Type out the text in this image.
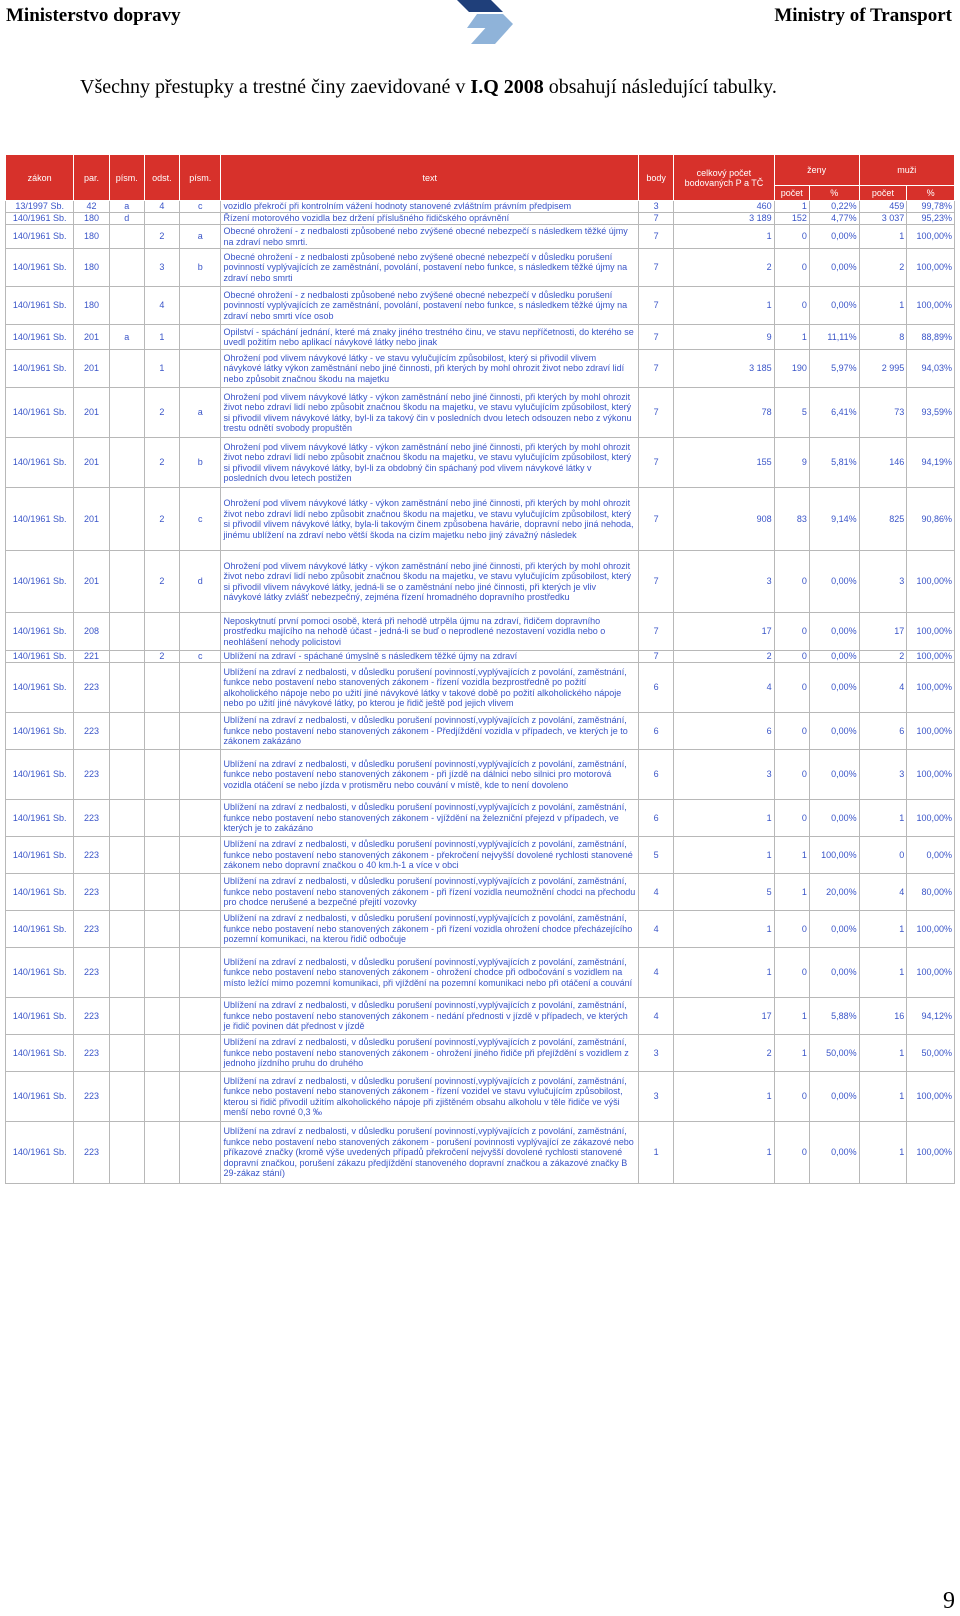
Ministerstvo dopravy	Ministry of Transport
Všechny přestupky a trestné činy zaevidované v I.Q 2008 obsahují následující tabulky.
zákon	par.	písm.	odst.	písm.	text	body	celkový počet bodovaných P a TČ	ženy		muži	
								počet	%	počet	%
13/1997 Sb.	42	a	4	c	vozidlo překročí při kontrolním vážení hodnoty stanovené zvláštním právním předpisem	3	460	1	0,22%	459	99,78%
140/1961 Sb.	180	d			Řízení motorového vozidla bez držení příslušného řidičského oprávnění	7	3 189	152	4,77%	3 037	95,23%
140/1961 Sb.	180		2	a	Obecné ohrožení - z nedbalosti způsobené nebo zvýšené obecné nebezpečí s následkem těžké újmy na zdraví nebo smrti.	7	1	0	0,00%	1	100,00%
140/1961 Sb.	180		3	b	Obecné ohrožení - z nedbalosti způsobené nebo zvýšené obecné nebezpečí v důsledku porušení povinností vyplývajících ze zaměstnání, povolání, postavení nebo funkce, s následkem těžké újmy na zdraví nebo smrti	7	2	0	0,00%	2	100,00%
140/1961 Sb.	180		4		Obecné ohrožení - z nedbalosti způsobené nebo zvýšené obecné nebezpečí v důsledku porušení povinností vyplývajících ze zaměstnání, povolání, postavení nebo funkce, s následkem těžké újmy na zdraví nebo smrti více osob	7	1	0	0,00%	1	100,00%
140/1961 Sb.	201	a	1		Opilství - spáchání jednání, které má znaky jiného trestného činu, ve stavu nepříčetnosti, do kterého se uvedl požitím nebo aplikací návykové látky nebo jinak	7	9	1	11,11%	8	88,89%
140/1961 Sb.	201		1		Ohrožení pod vlivem návykové látky - ve stavu vylučujícím způsobilost, který si přivodil vlivem návykové látky výkon zaměstnání nebo jiné činnosti, při kterých by mohl ohrozit život nebo zdraví lidí nebo způsobit značnou škodu na majetku	7	3 185	190	5,97%	2 995	94,03%
140/1961 Sb.	201		2	a	Ohrožení pod vlivem návykové látky - výkon zaměstnání nebo jiné činnosti, při kterých by mohl ohrozit život nebo zdraví lidí nebo způsobit značnou škodu na majetku, ve stavu vylučujícím způsobilost, který si přivodil vlivem návykové látky, byl-li za takový čin v posledních dvou letech odsouzen nebo z výkonu trestu odnětí svobody propuštěn	7	78	5	6,41%	73	93,59%
140/1961 Sb.	201		2	b	Ohrožení pod vlivem návykové látky - výkon zaměstnání nebo jiné činnosti, při kterých by mohl ohrozit život nebo zdraví lidí nebo způsobit značnou škodu na majetku, ve stavu vylučujícím způsobilost, který si přivodil vlivem návykové látky, byl-li za obdobný čin spáchaný pod vlivem návykové látky v posledních dvou letech postižen	7	155	9	5,81%	146	94,19%
140/1961 Sb.	201		2	c	Ohrožení pod vlivem návykové látky - výkon zaměstnání nebo jiné činnosti, při kterých by mohl ohrozit život nebo zdraví lidí nebo způsobit značnou škodu na majetku, ve stavu vylučujícím způsobilost, který si přivodil vlivem návykové látky, byla-li takovým činem způsobena havárie, dopravní nebo jiná nehoda, jinému ublížení na zdraví nebo větší škoda na cizím majetku nebo jiný závažný následek	7	908	83	9,14%	825	90,86%
140/1961 Sb.	201		2	d	Ohrožení pod vlivem návykové látky - výkon zaměstnání nebo jiné činnosti, při kterých by mohl ohrozit život nebo zdraví lidí nebo způsobit značnou škodu na majetku, ve stavu vylučujícím způsobilost, který si přivodil vlivem návykové látky, jedná-li se o zaměstnání nebo jiné činnosti, při kterých je vliv návykové látky zvlášť nebezpečný, zejména řízení hromadného dopravního prostředku	7	3	0	0,00%	3	100,00%
140/1961 Sb.	208				Neposkytnutí první pomoci osobě, která při nehodě utrpěla újmu na zdraví, řidičem dopravního prostředku majícího na nehodě účast - jedná-li se buď o neprodlené nezostavení vozidla nebo o neohlášení nehody policistovi	7	17	0	0,00%	17	100,00%
140/1961 Sb.	221		2	c	Ublížení na zdraví - spáchané úmyslně s následkem těžké újmy na zdraví	7	2	0	0,00%	2	100,00%
140/1961 Sb.	223				Ublížení na zdraví z nedbalosti, v důsledku porušení povinností,vyplývajících z povolání, zaměstnání, funkce nebo postavení nebo stanovených zákonem - řízení vozidla bezprostředně po požití alkoholického nápoje nebo po užití jiné návykové látky v takové době po požití alkoholického nápoje nebo po užití jiné návykové látky, po kterou je řidič ještě pod jejich vlivem	6	4	0	0,00%	4	100,00%
140/1961 Sb.	223				Ublížení na zdraví z nedbalosti, v důsledku porušení povinností,vyplývajících z povolání, zaměstnání, funkce nebo postavení nebo stanovených zákonem - Předjíždění vozidla v případech, ve kterých je to zákonem zakázáno	6	6	0	0,00%	6	100,00%
140/1961 Sb.	223				Ublížení na zdraví z nedbalosti, v důsledku porušení povinností,vyplývajících z povolání, zaměstnání, funkce nebo postavení nebo stanovených zákonem - při jízdě na dálnici nebo silnici pro motorová vozidla otáčení se nebo jízda v protisměru nebo couvání v místě, kde to není dovoleno	6	3	0	0,00%	3	100,00%
140/1961 Sb.	223				Ublížení na zdraví z nedbalosti, v důsledku porušení povinností,vyplývajících z povolání, zaměstnání, funkce nebo postavení nebo stanovených zákonem - vjíždění na železniční přejezd v případech, ve kterých je to zakázáno	6	1	0	0,00%	1	100,00%
140/1961 Sb.	223				Ublížení na zdraví z nedbalosti, v důsledku porušení povinností,vyplývajících z povolání, zaměstnání, funkce nebo postavení nebo stanovených zákonem - překročení nejvyšší dovolené rychlosti stanovené zákonem nebo dopravní značkou o 40 km.h-1 a více v obci	5	1	1	100,00%	0	0,00%
140/1961 Sb.	223				Ublížení na zdraví z nedbalosti, v důsledku porušení povinností,vyplývajících z povolání, zaměstnání, funkce nebo postavení nebo stanovených zákonem - při řízení vozidla neumožnění chodci na přechodu pro chodce nerušené a bezpečné přejití vozovky	4	5	1	20,00%	4	80,00%
140/1961 Sb.	223				Ublížení na zdraví z nedbalosti, v důsledku porušení povinností,vyplývajících z povolání, zaměstnání, funkce nebo postavení nebo stanovených zákonem - při řízení vozidla ohrožení chodce přecházejícího pozemní komunikaci, na kterou řidič odbočuje	4	1	0	0,00%	1	100,00%
140/1961 Sb.	223				Ublížení na zdraví z nedbalosti, v důsledku porušení povinností,vyplývajících z povolání, zaměstnání, funkce nebo postavení nebo stanovených zákonem - ohrožení chodce při odbočování s vozidlem na místo ležící mimo pozemní komunikaci, při vjíždění na pozemní komunikaci nebo při otáčení a couvání	4	1	0	0,00%	1	100,00%
140/1961 Sb.	223				Ublížení na zdraví z nedbalosti, v důsledku porušení povinností,vyplývajících z povolání, zaměstnání, funkce nebo postavení nebo stanovených zákonem - nedání přednosti v jízdě v případech, ve kterých je řidič povinen dát přednost v jízdě	4	17	1	5,88%	16	94,12%
140/1961 Sb.	223				Ublížení na zdraví z nedbalosti, v důsledku porušení povinností,vyplývajících z povolání, zaměstnání, funkce nebo postavení nebo stanovených zákonem - ohrožení jiného řidiče při přejíždění s vozidlem z jednoho jízdního pruhu do druhého	3	2	1	50,00%	1	50,00%
140/1961 Sb.	223				Ublížení na zdraví z nedbalosti, v důsledku porušení povinností,vyplývajících z povolání, zaměstnání, funkce nebo postavení nebo stanovených zákonem - řízení vozidel ve stavu vylučujícím způsobilost, kterou si řidič přivodil užitím alkoholického nápoje při zjištěném obsahu alkoholu v těle řidiče ve výši menší nebo rovné 0,3 ‰	3	1	0	0,00%	1	100,00%
140/1961 Sb.	223				Ublížení na zdraví z nedbalosti, v důsledku porušení povinností,vyplývajících z povolání, zaměstnání, funkce nebo postavení nebo stanovených zákonem - porušení povinnosti vyplývající ze zákazové nebo příkazové značky (kromě výše uvedených případů překročení nejvyšší dovolené rychlosti stanovené dopravní značkou, porušení zákazu předjíždění stanoveného dopravní značkou a zákazové značky B 29-zákaz stání)	1	1	0	0,00%	1	100,00%
9
